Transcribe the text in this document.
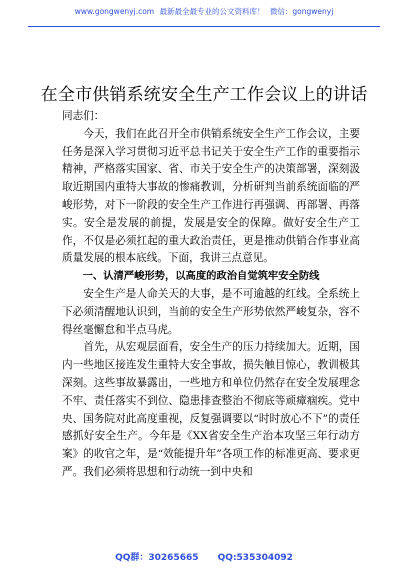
www.gongwenyj.com 最新最全最专业的公文资料库！ 微信：gongwenyj
在全市供销系统安全生产工作会议上的讲话

同志们：

今天，我们在此召开全市供销系统安全生产工作会议，主要任务是深入学习贯彻习近平总书记关于安全生产工作的重要指示精神，严格落实国家、省、市关于安全生产的决策部署，深刻汲取近期国内重特大事故的惨痛教训，分析研判当前系统面临的严峻形势，对下一阶段的安全生产工作进行再强调、再部署、再落实。安全是发展的前提，发展是安全的保障。做好安全生产工作，不仅是必须扛起的重大政治责任，更是推动供销合作事业高质量发展的根本底线。下面，我讲三点意见。

一、认清严峻形势，以高度的政治自觉筑牢安全防线

安全生产是人命关天的大事，是不可逾越的红线。全系统上下必须清醒地认识到，当前的安全生产形势依然严峻复杂，容不得丝毫懈怠和半点马虎。

首先，从宏观层面看，安全生产的压力持续加大。近期，国内一些地区接连发生重特大安全事故，损失触目惊心，教训极其深刻。这些事故暴露出，一些地方和单位仍然存在安全发展理念不牢、责任落实不到位、隐患排查整治不彻底等顽瘴痼疾。党中央、国务院对此高度重视，反复强调要以“时时放心不下”的责任感抓好安全生产。今年是《XX省安全生产治本攻坚三年行动方案》的收官之年，是“效能提升年”各项工作的标准更高、要求更严。我们必须将思想和行动统一到中央和

QQ群：30265665 QQ:535304092
